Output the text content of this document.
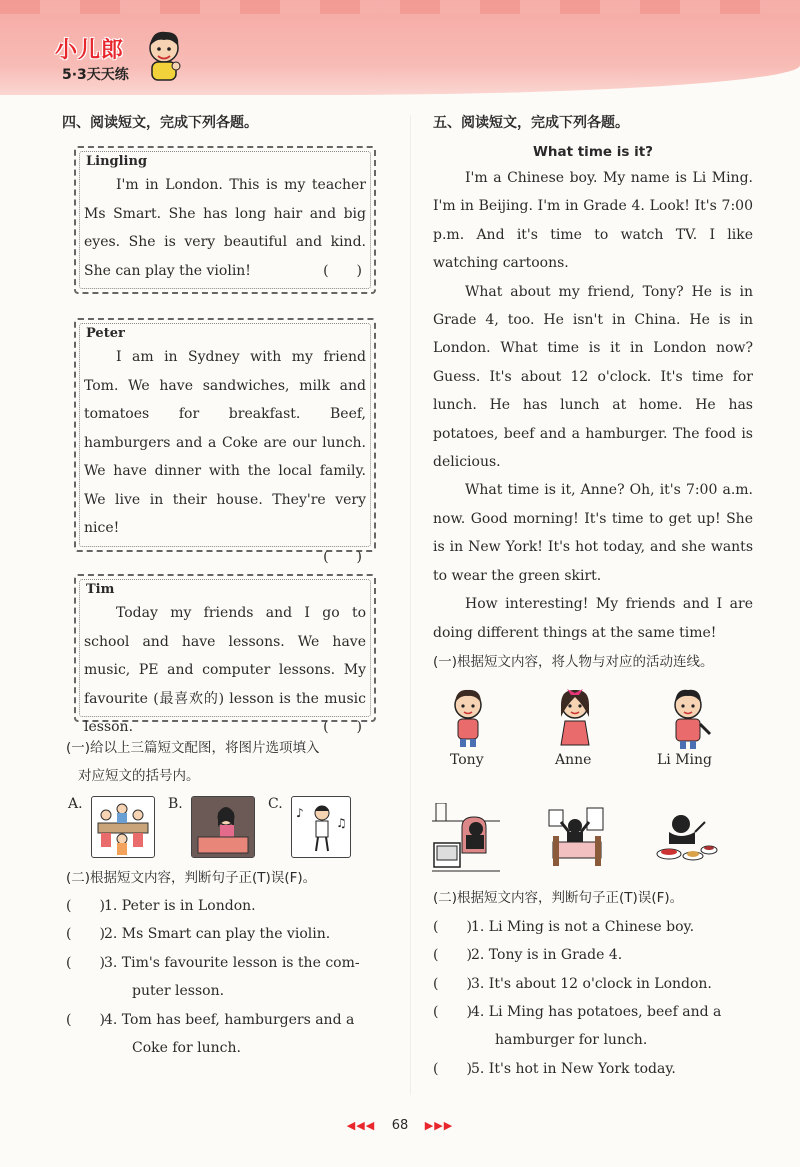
小儿郎
5·3天天练

四、阅读短文，完成下列各题。

Lingling

I'm in London. This is my teacher Ms Smart. She has long hair and big eyes. She is very beautiful and kind. She can play the violin!	(　　)

Peter

I am in Sydney with my friend Tom. We have sandwiches, milk and tomatoes for breakfast. Beef, hamburgers and a Coke are our lunch. We have dinner with the local family. We live in their house. They're very nice!

(　　)

Tim

Today my friends and I go to school and have lessons. We have music, PE and computer lessons. My favourite (最喜欢的) lesson is the music lesson.	(　　)

(一)给以上三篇短文配图，将图片选项填入
对应短文的括号内。
A.	B.	C.
♪
♫
(二)根据短文内容，判断句子正(T)误(F)。
(　　)1. Peter is in London.
(　　)2. Ms Smart can play the violin.
(　　)3. Tim's favourite lesson is the com-
puter lesson.
(　　)4. Tom has beef, hamburgers and a
Coke for lunch.

五、阅读短文，完成下列各题。

What time is it?

I'm a Chinese boy. My name is Li Ming. I'm in Beijing. I'm in Grade 4. Look! It's 7:00 p.m. And it's time to watch TV. I like watching cartoons.

What about my friend, Tony? He is in Grade 4, too. He isn't in China. He is in London. What time is it in London now? Guess. It's about 12 o'clock. It's time for lunch. He has lunch at home. He has potatoes, beef and a hamburger. The food is delicious.

What time is it, Anne? Oh, it's 7:00 a.m. now. Good morning! It's time to get up! She is in New York! It's hot today, and she wants to wear the green skirt.

How interesting! My friends and I are doing different things at the same time!

(一)根据短文内容，将人物与对应的活动连线。
Tony	Anne	Li Ming
(二)根据短文内容，判断句子正(T)误(F)。
(　　)1. Li Ming is not a Chinese boy.
(　　)2. Tony is in Grade 4.
(　　)3. It's about 12 o'clock in London.
(　　)4. Li Ming has potatoes, beef and a
hamburger for lunch.
(　　)5. It's hot in New York today.
◀◀◀ 68 ▶▶▶
